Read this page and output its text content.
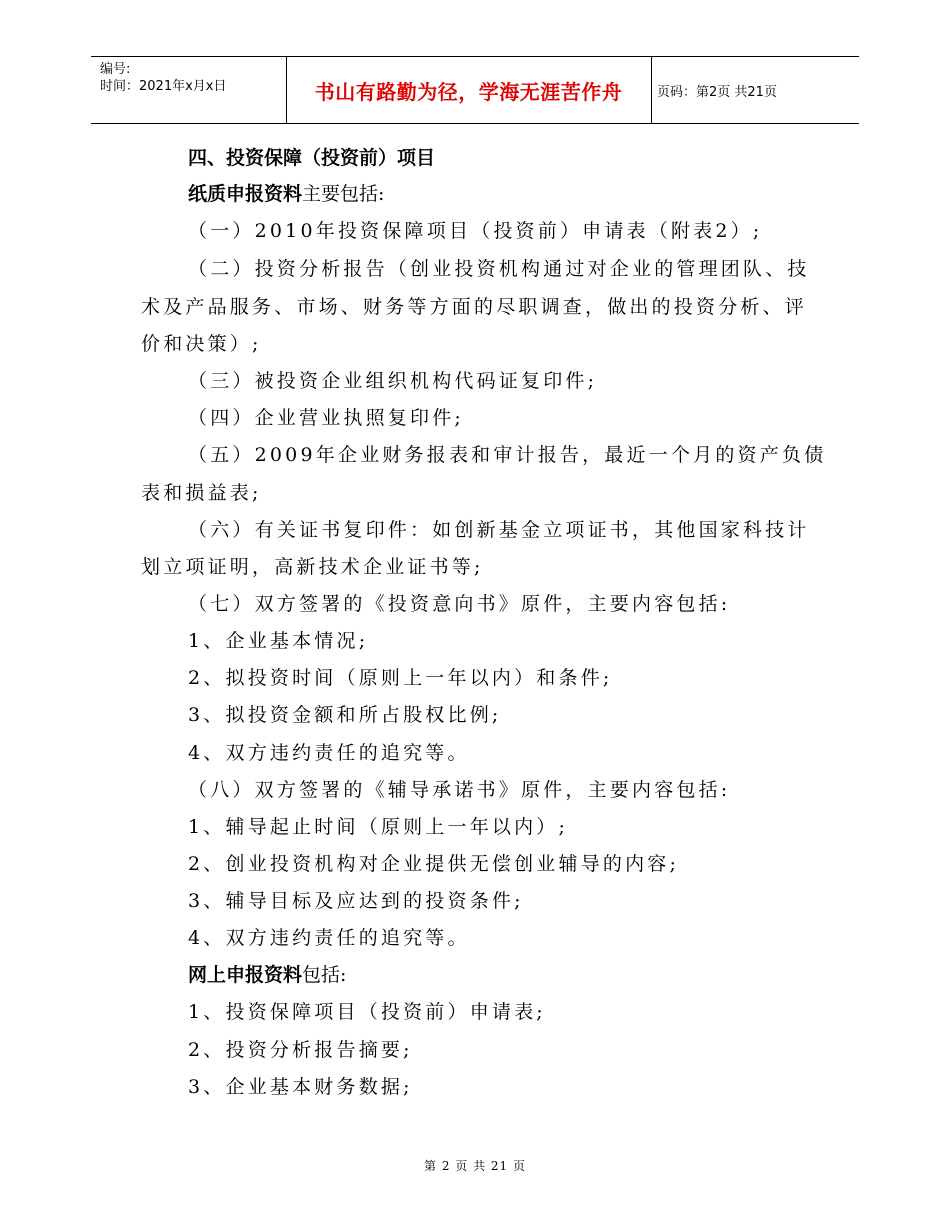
编号:
时间：2021年x月x日	书山有路勤为径，学海无涯苦作舟	页码：第2页 共21页
四、投资保障（投资前）项目
纸质申报资料主要包括:
（一）2010年投资保障项目（投资前）申请表（附表2）;
（二）投资分析报告（创业投资机构通过对企业的管理团队、技
术及产品服务、市场、财务等方面的尽职调查，做出的投资分析、评
价和决策）;
（三）被投资企业组织机构代码证复印件;
（四）企业营业执照复印件;
（五）2009年企业财务报表和审计报告，最近一个月的资产负债
表和损益表;
（六）有关证书复印件：如创新基金立项证书，其他国家科技计
划立项证明，高新技术企业证书等;
（七）双方签署的《投资意向书》原件，主要内容包括:
1、企业基本情况;
2、拟投资时间（原则上一年以内）和条件;
3、拟投资金额和所占股权比例;
4、双方违约责任的追究等。
（八）双方签署的《辅导承诺书》原件，主要内容包括:
1、辅导起止时间（原则上一年以内）;
2、创业投资机构对企业提供无偿创业辅导的内容;
3、辅导目标及应达到的投资条件;
4、双方违约责任的追究等。
网上申报资料包括:
1、投资保障项目（投资前）申请表;
2、投资分析报告摘要;
3、企业基本财务数据;
第 2 页 共 21 页
